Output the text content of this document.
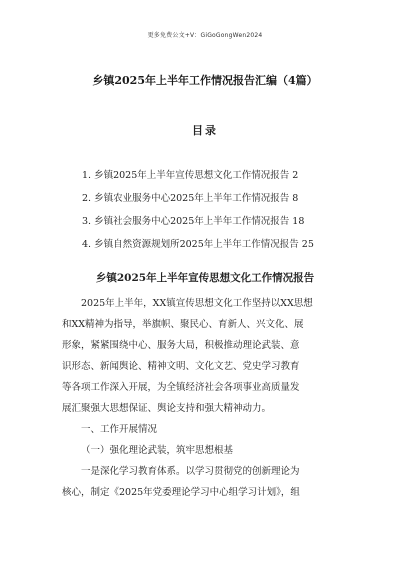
更多免费公文+V：GiGoGongWen2024
乡镇2025年上半年工作情况报告汇编（4篇）
目录
1. 乡镇2025年上半年宣传思想文化工作情况报告 2
2. 乡镇农业服务中心2025年上半年工作情况报告 8
3. 乡镇社会服务中心2025年上半年工作情况报告 18
4. 乡镇自然资源规划所2025年上半年工作情况报告 25
乡镇2025年上半年宣传思想文化工作情况报告
2025年上半年，XX镇宣传思想文化工作坚持以XX思想
和XX精神为指导，举旗帜、聚民心、育新人、兴文化、展
形象，紧紧围绕中心、服务大局，积极推动理论武装、意
识形态、新闻舆论、精神文明、文化文艺、党史学习教育
等各项工作深入开展，为全镇经济社会各项事业高质量发
展汇聚强大思想保证、舆论支持和强大精神动力。
一、工作开展情况
（一）强化理论武装，筑牢思想根基
一是深化学习教育体系。以学习贯彻党的创新理论为
核心，制定《2025年党委理论学习中心组学习计划》，组
